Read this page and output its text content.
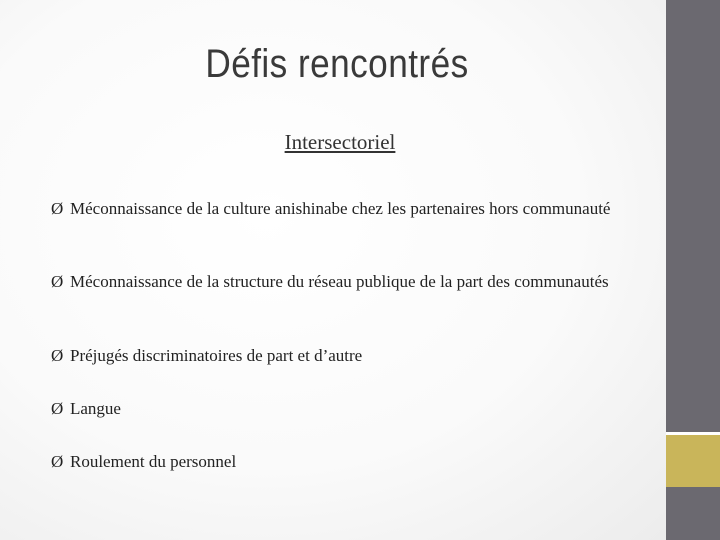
Défis rencontrés
Intersectoriel
Ø Méconnaissance de la culture anishinabe chez les partenaires hors communauté
Ø Méconnaissance de la structure du réseau publique de la part des communautés
Ø Préjugés discriminatoires de part et d’autre
Ø Langue
Ø Roulement du personnel
